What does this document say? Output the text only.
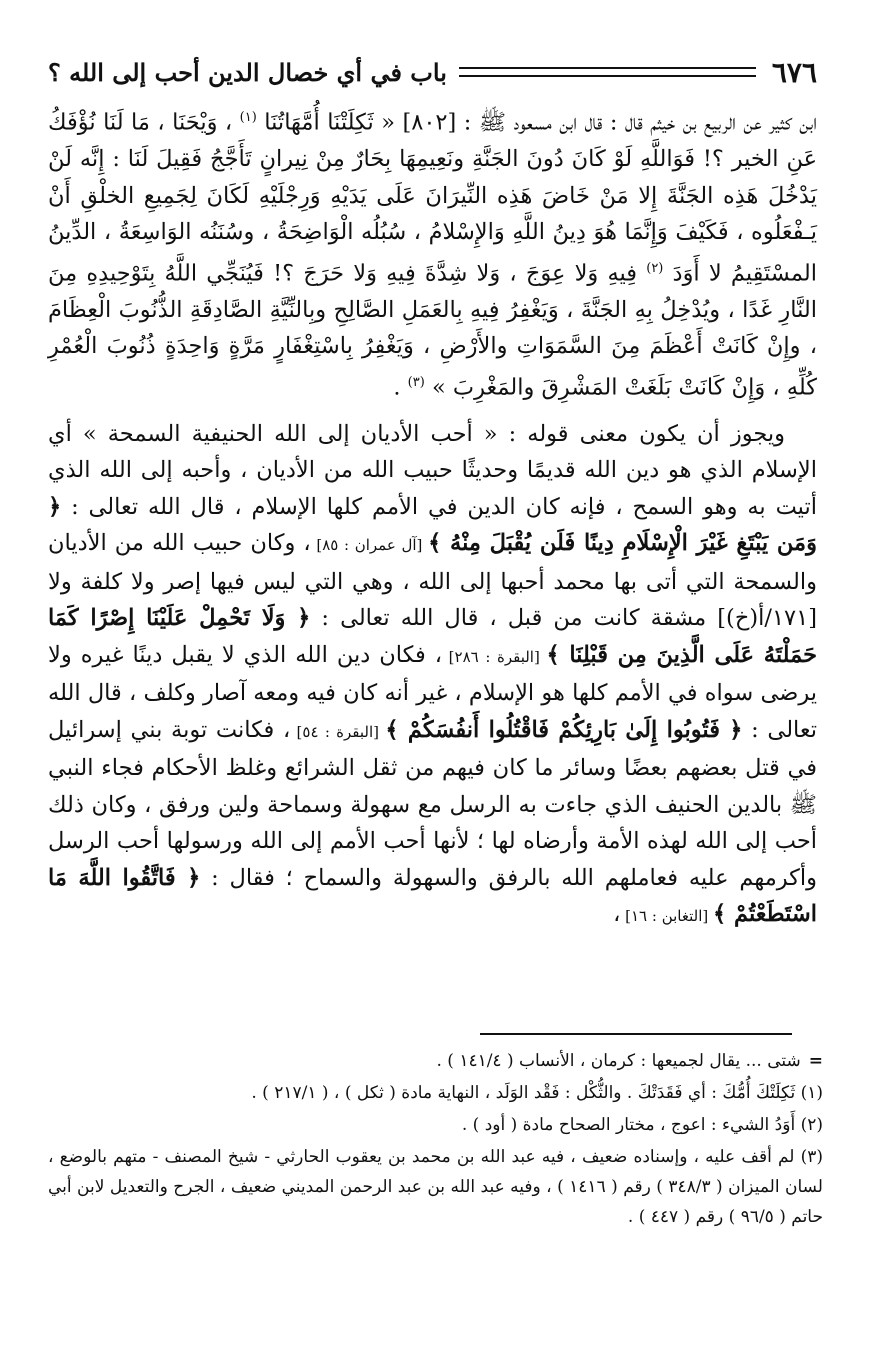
٦٧٦
باب في أي خصال الدين أحب إلى الله ؟

ابن كثير عن الربيع بن خيثم قال : قال ابن مسعود ﷺ : [٨٠٢] « ثَكِلَتْنَا أُمَّهَاتُنَا $^{(١)}$ ، وَيْحَنَا ، مَا لَنَا نُؤْفَكُ عَنِ الخير ؟! فَوَاللَّهِ لَوْ كَانَ دُونَ الجَنَّةِ ونَعِيمِهَا بِحَارٌ مِنْ نِيرانٍ تَأَجَّجُ فَقِيلَ لَنَا : إِنَّه لَنْ يَدْخُلَ هَذِه الجَنَّةَ إِلا مَنْ خَاضَ هَذِه النِّيرَانَ عَلَى يَدَيْهِ وَرِجْلَيْهِ لَكَانَ لِجَمِيعِ الخلْقِ أَنْ يَـفْعَلُوه ، فَكَيْفَ وَإِنَّمَا هُوَ دِينُ اللَّهِ وَالإِسْلامُ ، سُبُلُه الْوَاضِحَةُ ، وسُنَنُه الوَاسِعَةُ ، الدِّينُ المسْتَقِيمُ لا أَوَدَ $^{(٢)}$ فِيهِ وَلا عِوَجَ ، وَلا شِدَّةَ فِيهِ وَلا حَرَجَ ؟! فَيُنَجِّي اللَّهُ بِتَوْحِيدِهِ مِنَ النَّارِ غَدًا ، ويُدْخِلُ بِهِ الجَنَّةَ ، وَيَغْفِرُ فِيهِ بِالعَمَلِ الصَّالِحِ وبِالنِّيَّةِ الصَّادِقَةِ الذُّنُوبَ الْعِظَامَ ، وإِنْ كَانَتْ أَعْظَمَ مِنَ السَّمَوَاتِ والأَرْضِ ، وَيَغْفِرُ بِاسْتِغْفَارٍ مَرَّةٍ وَاحِدَةٍ ذُنُوبَ الْعُمْرِ كُلِّهِ ، وَإِنْ كَانَتْ بَلَغَتْ المَشْرِقَ والمَغْرِبَ » $^{(٣)}$ .

ويجوز أن يكون معنى قوله : « أحب الأديان إلى الله الحنيفية السمحة » أي الإسلام الذي هو دين الله قديمًا وحديثًا حبيب الله من الأديان ، وأحبه إلى الله الذي أتيت به وهو السمح ، فإنه كان الدين في الأمم كلها الإسلام ، قال الله تعالى : ﴿ وَمَن يَبْتَغِ غَيْرَ الْإِسْلَامِ دِينًا فَلَن يُقْبَلَ مِنْهُ ﴾ [آل عمران : ٨٥] ، وكان حبيب الله من الأديان والسمحة التي أتى بها محمد أحبها إلى الله ، وهي التي ليس فيها إصر ولا كلفة ولا [١٧١/أ(خ)] مشقة كانت من قبل ، قال الله تعالى : ﴿ وَلَا تَحْمِلْ عَلَيْنَا إِصْرًا كَمَا حَمَلْتَهُ عَلَى الَّذِينَ مِن قَبْلِنَا ﴾ [البقرة : ٢٨٦] ، فكان دين الله الذي لا يقبل دينًا غيره ولا يرضى سواه في الأمم كلها هو الإسلام ، غير أنه كان فيه ومعه آصار وكلف ، قال الله تعالى : ﴿ فَتُوبُوا إِلَىٰ بَارِئِكُمْ فَاقْتُلُوا أَنفُسَكُمْ ﴾ [البقرة : ٥٤] ، فكانت توبة بني إسرائيل في قتل بعضهم بعضًا وسائر ما كان فيهم من ثقل الشرائع وغلظ الأحكام فجاء النبي ﷺ بالدين الحنيف الذي جاءت به الرسل مع سهولة وسماحة ولين ورفق ، وكان ذلك أحب إلى الله لهذه الأمة وأرضاه لها ؛ لأنها أحب الأمم إلى الله ورسولها أحب الرسل وأكرمهم عليه فعاملهم الله بالرفق والسهولة والسماح ؛ فقال : ﴿ فَاتَّقُوا اللَّهَ مَا اسْتَطَعْتُمْ ﴾ [التغابن : ١٦] ،

=شتى ... يقال لجميعها : كرمان ، الأنساب ( ١٤١/٤ ) .

(١) ثَكِلَتْكَ أُمُّكَ : أي فَقَدَتْكَ . والثُّكْل : فَقْد الوَلَد ، النهاية مادة ( ثكل ) ، ( ٢١٧/١ ) .

(٢) أَوَدُ الشيء : اعوج ، مختار الصحاح مادة ( أود ) .

(٣) لم أقف عليه ، وإسناده ضعيف ، فيه عبد الله بن محمد بن يعقوب الحارثي - شيخ المصنف - متهم بالوضع ، لسان الميزان ( ٣٤٨/٣ ) رقم ( ١٤١٦ ) ، وفيه عبد الله بن عبد الرحمن المديني ضعيف ، الجرح والتعديل لابن أبي حاتم ( ٩٦/٥ ) رقم ( ٤٤٧ ) .
